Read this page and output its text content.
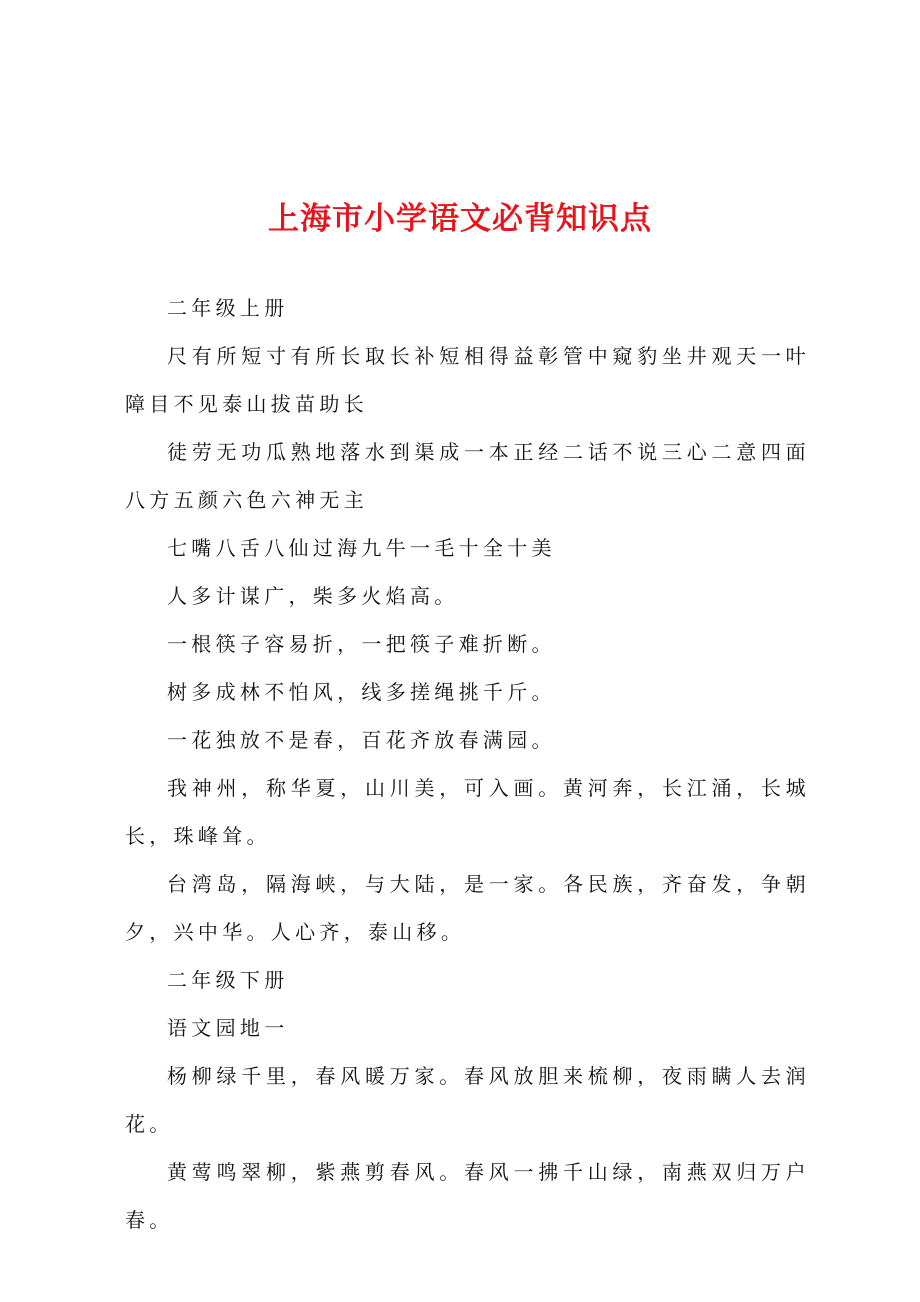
上海市小学语文必背知识点

二年级上册

尺有所短寸有所长取长补短相得益彰管中窥豹坐井观天一叶障目不见泰山拔苗助长

徒劳无功瓜熟地落水到渠成一本正经二话不说三心二意四面八方五颜六色六神无主

七嘴八舌八仙过海九牛一毛十全十美

人多计谋广，柴多火焰高。

一根筷子容易折，一把筷子难折断。

树多成林不怕风，线多搓绳挑千斤。

一花独放不是春，百花齐放春满园。

我神州，称华夏，山川美，可入画。黄河奔，长江涌，长城长，珠峰耸。

台湾岛，隔海峡，与大陆，是一家。各民族，齐奋发，争朝夕，兴中华。人心齐，泰山移。

二年级下册

语文园地一

杨柳绿千里，春风暖万家。春风放胆来梳柳，夜雨瞒人去润花。

黄莺鸣翠柳，紫燕剪春风。春风一拂千山绿，南燕双归万户春。
